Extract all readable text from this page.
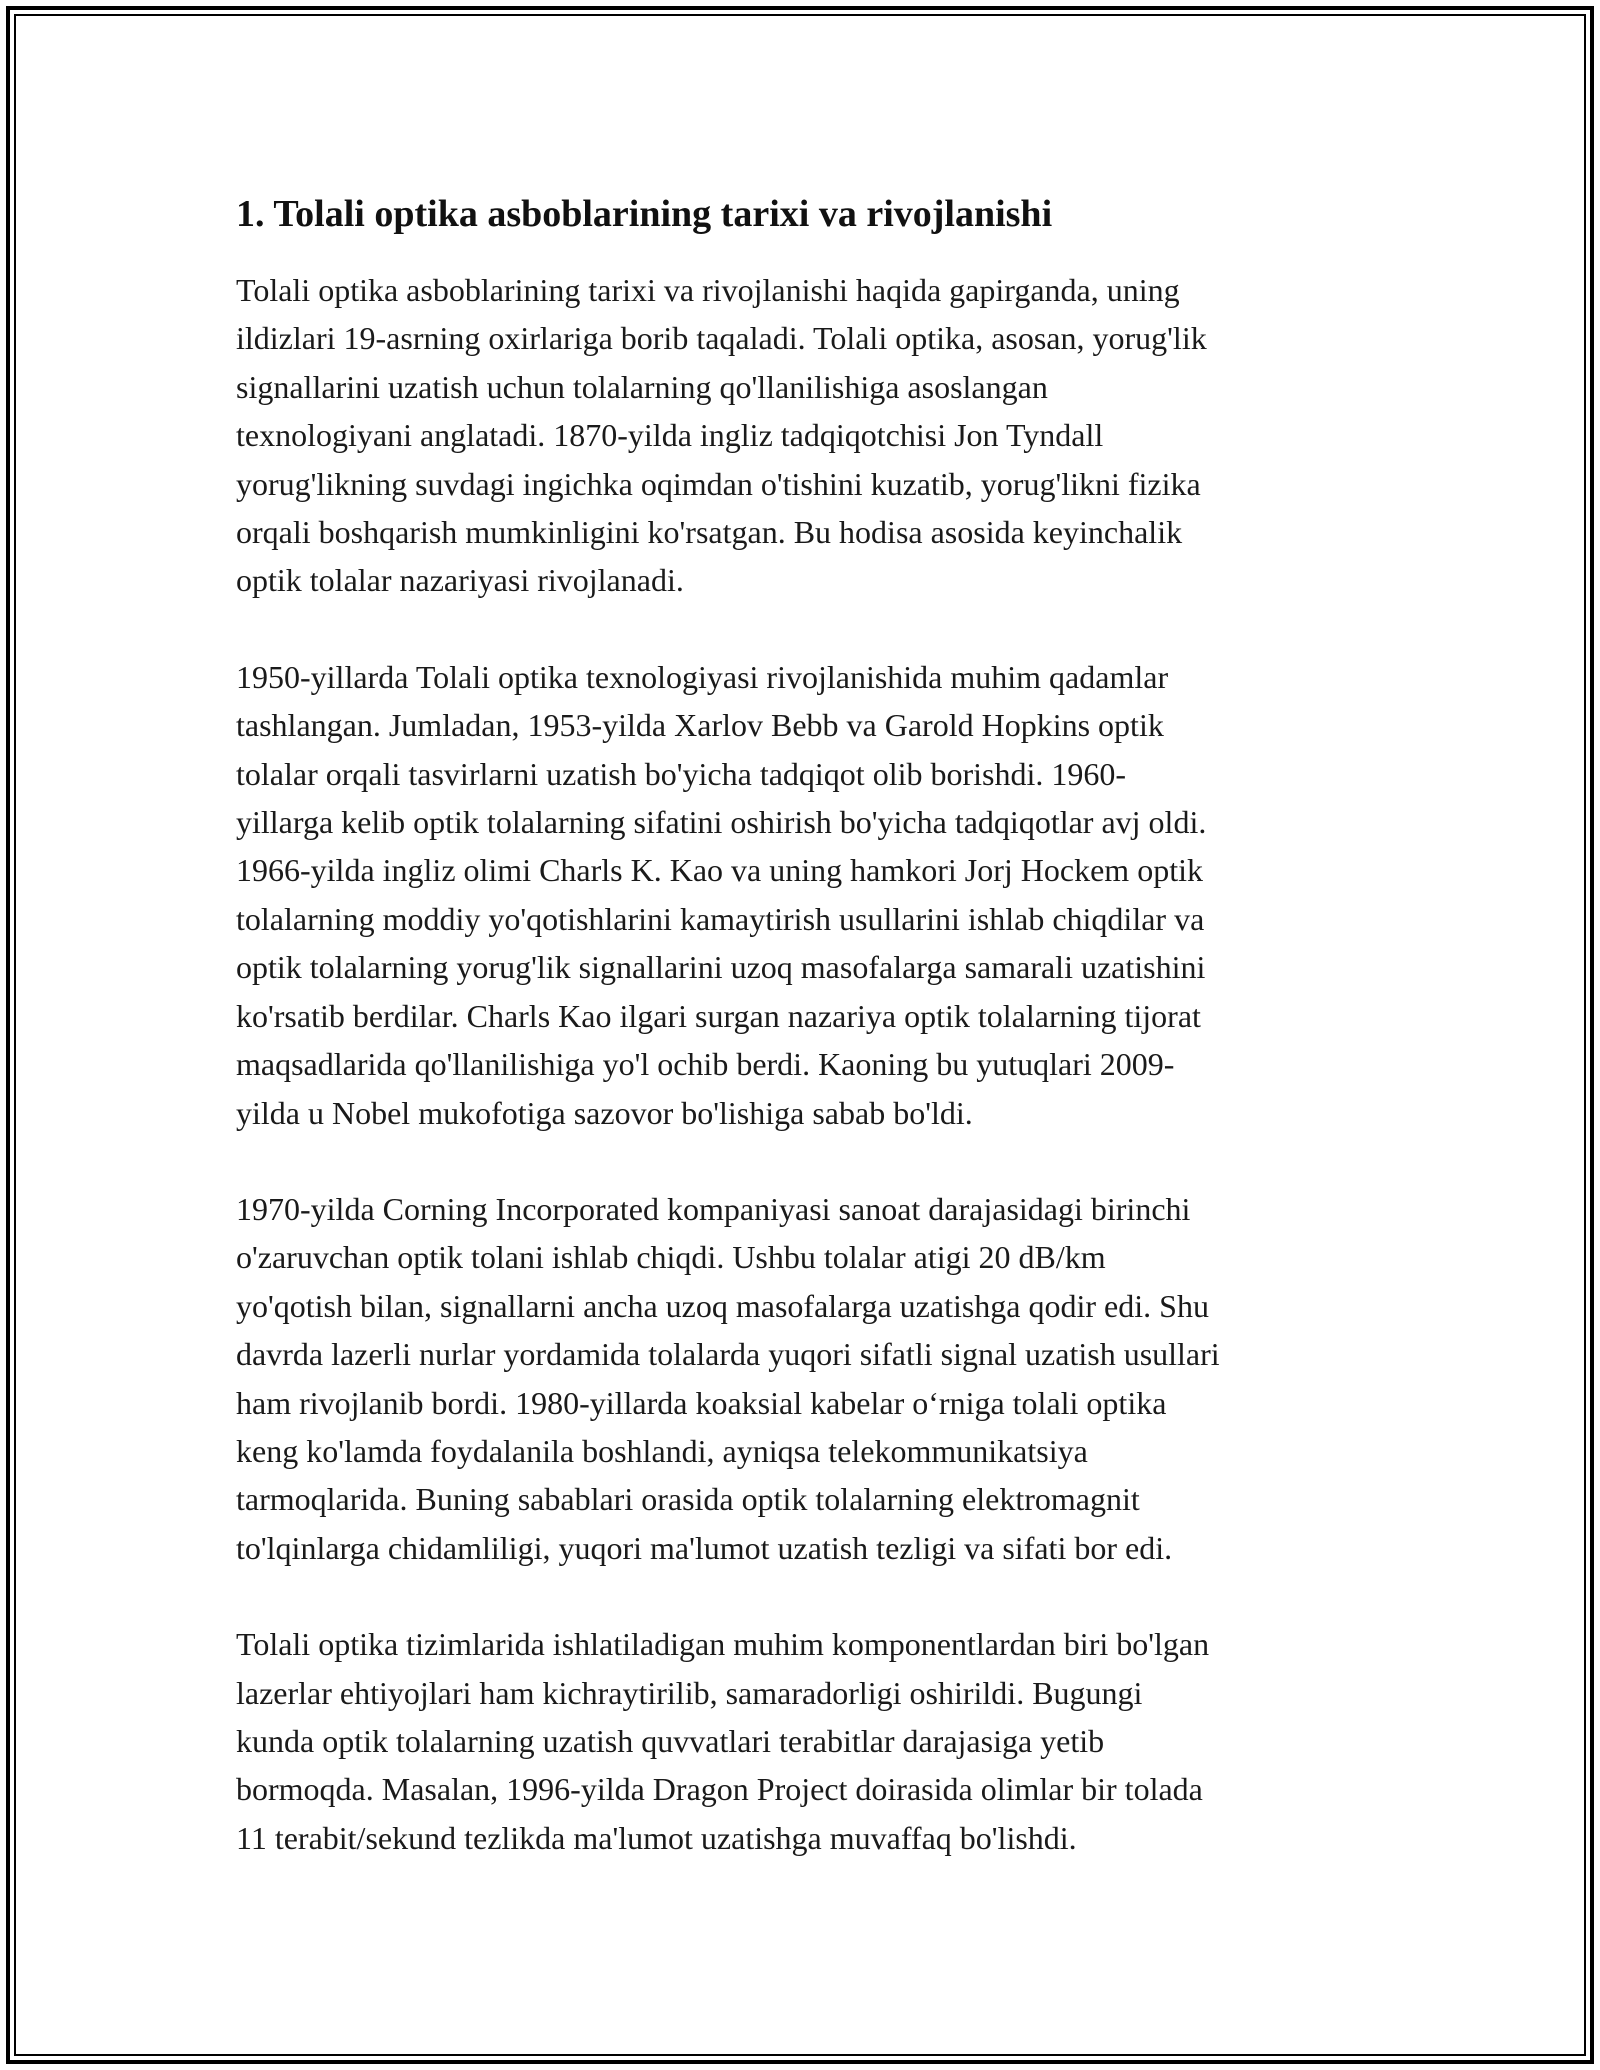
1. Tolali optika asboblarining tarixi va rivojlanishi

Tolali optika asboblarining tarixi va rivojlanishi haqida gapirganda, uning
ildizlari 19-asrning oxirlariga borib taqaladi. Tolali optika, asosan, yorug'lik
signallarini uzatish uchun tolalarning qo'llanilishiga asoslangan
texnologiyani anglatadi. 1870-yilda ingliz tadqiqotchisi Jon Tyndall
yorug'likning suvdagi ingichka oqimdan o'tishini kuzatib, yorug'likni fizika
orqali boshqarish mumkinligini ko'rsatgan. Bu hodisa asosida keyinchalik
optik tolalar nazariyasi rivojlanadi.

1950-yillarda Tolali optika texnologiyasi rivojlanishida muhim qadamlar
tashlangan. Jumladan, 1953-yilda Xarlov Bebb va Garold Hopkins optik
tolalar orqali tasvirlarni uzatish bo'yicha tadqiqot olib borishdi. 1960-
yillarga kelib optik tolalarning sifatini oshirish bo'yicha tadqiqotlar avj oldi.
1966-yilda ingliz olimi Charls K. Kao va uning hamkori Jorj Hockem optik
tolalarning moddiy yo'qotishlarini kamaytirish usullarini ishlab chiqdilar va
optik tolalarning yorug'lik signallarini uzoq masofalarga samarali uzatishini
ko'rsatib berdilar. Charls Kao ilgari surgan nazariya optik tolalarning tijorat
maqsadlarida qo'llanilishiga yo'l ochib berdi. Kaoning bu yutuqlari 2009-
yilda u Nobel mukofotiga sazovor bo'lishiga sabab bo'ldi.

1970-yilda Corning Incorporated kompaniyasi sanoat darajasidagi birinchi
o'zaruvchan optik tolani ishlab chiqdi. Ushbu tolalar atigi 20 dB/km
yo'qotish bilan, signallarni ancha uzoq masofalarga uzatishga qodir edi. Shu
davrda lazerli nurlar yordamida tolalarda yuqori sifatli signal uzatish usullari
ham rivojlanib bordi. 1980-yillarda koaksial kabelar o‘rniga tolali optika
keng ko'lamda foydalanila boshlandi, ayniqsa telekommunikatsiya
tarmoqlarida. Buning sabablari orasida optik tolalarning elektromagnit
to'lqinlarga chidamliligi, yuqori ma'lumot uzatish tezligi va sifati bor edi.

Tolali optika tizimlarida ishlatiladigan muhim komponentlardan biri bo'lgan
lazerlar ehtiyojlari ham kichraytirilib, samaradorligi oshirildi. Bugungi
kunda optik tolalarning uzatish quvvatlari terabitlar darajasiga yetib
bormoqda. Masalan, 1996-yilda Dragon Project doirasida olimlar bir tolada
11 terabit/sekund tezlikda ma'lumot uzatishga muvaffaq bo'lishdi.
